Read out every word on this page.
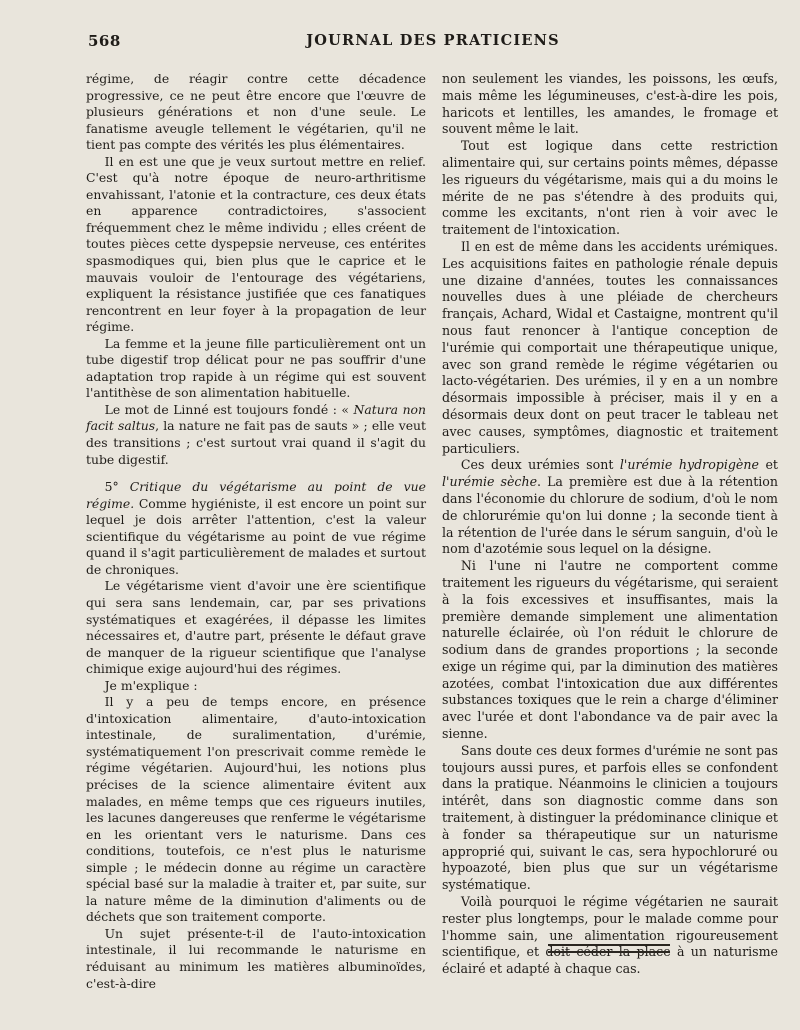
568	JOURNAL DES PRATICIENS

régime, de réagir contre cette décadence progressive, ce ne peut être encore que l'œuvre de plusieurs générations et non d'une seule. Le fanatisme aveugle tellement le végétarien, qu'il ne tient pas compte des vérités les plus élémentaires.

Il en est une que je veux surtout mettre en relief. C'est qu'à notre époque de neuro-arthritisme envahissant, l'atonie et la contracture, ces deux états en apparence contradictoires, s'associent fréquemment chez le même individu ; elles créent de toutes pièces cette dyspepsie nerveuse, ces entérites spasmodiques qui, bien plus que le caprice et le mauvais vouloir de l'entourage des végétariens, expliquent la résistance justifiée que ces fanatiques rencontrent en leur foyer à la propagation de leur régime.

La femme et la jeune fille particulièrement ont un tube digestif trop délicat pour ne pas souffrir d'une adaptation trop rapide à un régime qui est souvent l'antithèse de son alimentation habituelle.

Le mot de Linné est toujours fondé : « Natura non facit saltus, la nature ne fait pas de sauts » ; elle veut des transitions ; c'est surtout vrai quand il s'agit du tube digestif.

5° Critique du végétarisme au point de vue régime. Comme hygiéniste, il est encore un point sur lequel je dois arrêter l'attention, c'est la valeur scientifique du végétarisme au point de vue régime quand il s'agit particulièrement de malades et surtout de chroniques.

Le végétarisme vient d'avoir une ère scientifique qui sera sans lendemain, car, par ses privations systématiques et exagérées, il dépasse les limites nécessaires et, d'autre part, présente le défaut grave de manquer de la rigueur scientifique que l'analyse chimique exige aujourd'hui des régimes.

Je m'explique :

Il y a peu de temps encore, en présence d'intoxication alimentaire, d'auto-intoxication intestinale, de suralimentation, d'urémie, systématiquement l'on prescrivait comme remède le régime végétarien. Aujourd'hui, les notions plus précises de la science alimentaire évitent aux malades, en même temps que ces rigueurs inutiles, les lacunes dangereuses que renferme le végétarisme en les orientant vers le naturisme. Dans ces conditions, toutefois, ce n'est plus le naturisme simple ; le médecin donne au régime un caractère spécial basé sur la maladie à traiter et, par suite, sur la nature même de la diminution d'aliments ou de déchets que son traitement comporte.

Un sujet présente-t-il de l'auto-intoxication intestinale, il lui recommande le naturisme en réduisant au minimum les matières albuminoïdes, c'est-à-dire

non seulement les viandes, les poissons, les œufs, mais même les légumineuses, c'est-à-dire les pois, haricots et lentilles, les amandes, le fromage et souvent même le lait.

Tout est logique dans cette restriction alimentaire qui, sur certains points mêmes, dépasse les rigueurs du végétarisme, mais qui a du moins le mérite de ne pas s'étendre à des produits qui, comme les excitants, n'ont rien à voir avec le traitement de l'intoxication.

Il en est de même dans les accidents urémiques. Les acquisitions faites en pathologie rénale depuis une dizaine d'années, toutes les connaissances nouvelles dues à une pléiade de chercheurs français, Achard, Widal et Castaigne, montrent qu'il nous faut renoncer à l'antique conception de l'urémie qui comportait une thérapeutique unique, avec son grand remède le régime végétarien ou lacto-végétarien. Des urémies, il y en a un nombre désormais impossible à préciser, mais il y en a désormais deux dont on peut tracer le tableau net avec causes, symptômes, diagnostic et traitement particuliers.

Ces deux urémies sont l'urémie hydropigène et l'urémie sèche. La première est due à la rétention dans l'économie du chlorure de sodium, d'où le nom de chlorurémie qu'on lui donne ; la seconde tient à la rétention de l'urée dans le sérum sanguin, d'où le nom d'azotémie sous lequel on la désigne.

Ni l'une ni l'autre ne comportent comme traitement les rigueurs du végétarisme, qui seraient à la fois excessives et insuffisantes, mais la première demande simplement une alimentation naturelle éclairée, où l'on réduit le chlorure de sodium dans de grandes proportions ; la seconde exige un régime qui, par la diminution des matières azotées, combat l'intoxication due aux différentes substances toxiques que le rein a charge d'éliminer avec l'urée et dont l'abondance va de pair avec la sienne.

Sans doute ces deux formes d'urémie ne sont pas toujours aussi pures, et parfois elles se confondent dans la pratique. Néanmoins le clinicien a toujours intérêt, dans son diagnostic comme dans son traitement, à distinguer la prédominance clinique et à fonder sa thérapeutique sur un naturisme approprié qui, suivant le cas, sera hypochloruré ou hypoazoté, bien plus que sur un végétarisme systématique.

Voilà pourquoi le régime végétarien ne saurait rester plus longtemps, pour le malade comme pour l'homme sain, une alimentation rigoureusement scientifique, et doit céder la place à un naturisme éclairé et adapté à chaque cas.
